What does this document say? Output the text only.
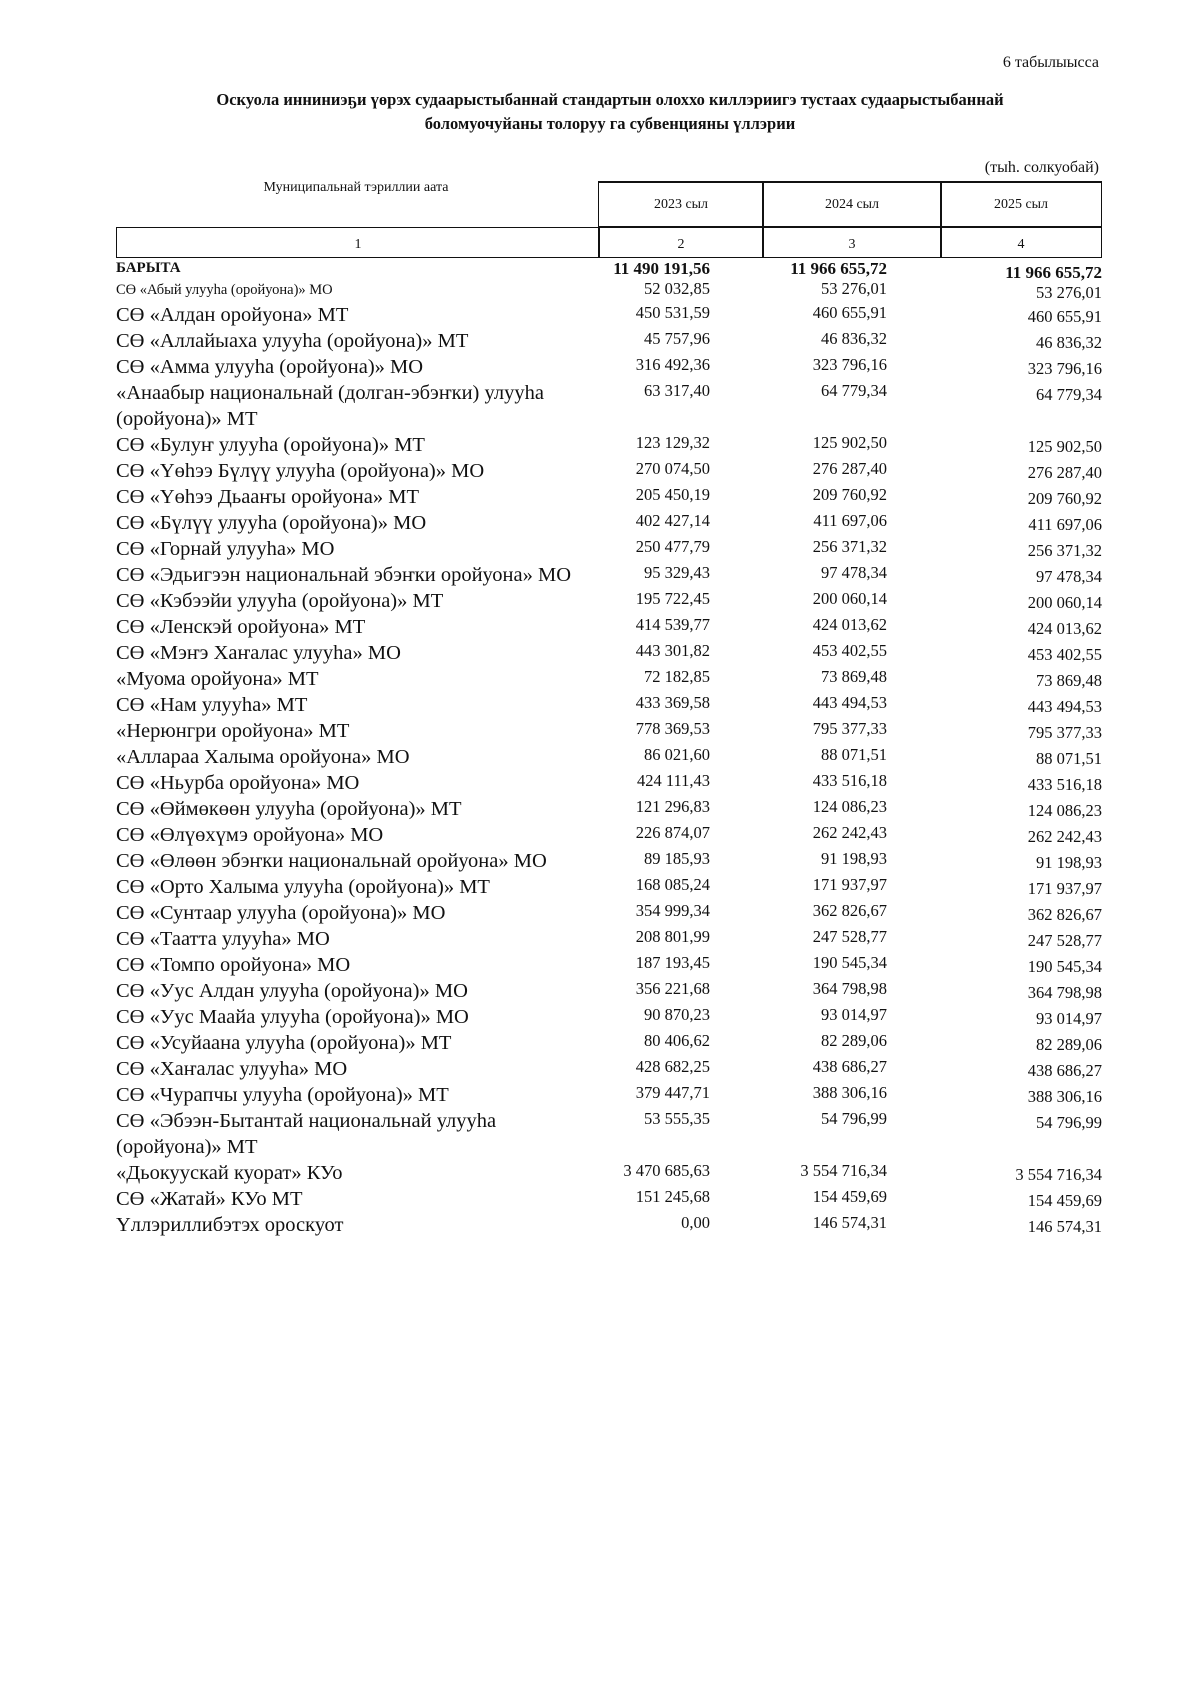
6 табылыысса
Оскуола инниниэҕи үөрэх судаарыстыбаннай стандартын олоххо киллэриигэ тустаах судаарыстыбаннай
боломуочуйаны толоруу га субвенцияны үллэрии
(тыһ. солкуобай)
Муниципальнай тэриллии аата
2023 сыл	2024 сыл	2025 сыл
1	2	3	4
БАРЫТА	11 490 191,56	11 966 655,72	11 966 655,72
СӨ «Абый улууһа (оройуона)» МО	52 032,85	53 276,01	53 276,01
СӨ «Алдан оройуона» МТ	450 531,59	460 655,91	460 655,91
СӨ «Аллайыаха улууһа (оройуона)» МТ	45 757,96	46 836,32	46 836,32
СӨ «Амма улууһа (оройуона)» МО	316 492,36	323 796,16	323 796,16
«Анаабыр национальнай (долган-эбэҥки) улууһа (оройуона)» МТ
63 317,40	64 779,34	64 779,34
СӨ «Булуҥ улууһа (оройуона)» МТ	123 129,32	125 902,50	125 902,50
СӨ «Үөһээ Бүлүү улууһа (оройуона)» МО	270 074,50	276 287,40	276 287,40
СӨ «Үөһээ Дьааҥы оройуона» МТ	205 450,19	209 760,92	209 760,92
СӨ «Бүлүү улууһа (оройуона)» МО	402 427,14	411 697,06	411 697,06
СӨ «Горнай улууһа» МО	250 477,79	256 371,32	256 371,32
СӨ «Эдьигээн национальнай эбэҥки оройуона» МО	95 329,43	97 478,34	97 478,34
СӨ «Кэбээйи улууһа (оройуона)» МТ	195 722,45	200 060,14	200 060,14
СӨ «Ленскэй оройуона» МТ	414 539,77	424 013,62	424 013,62
СӨ «Мэҥэ Хаҥалас улууһа» МО	443 301,82	453 402,55	453 402,55
«Муома оройуона» МТ	72 182,85	73 869,48	73 869,48
СӨ «Нам улууһа» МТ	433 369,58	443 494,53	443 494,53
«Нерюнгри оройуона» МТ	778 369,53	795 377,33	795 377,33
«Аллараа Халыма оройуона» МО	86 021,60	88 071,51	88 071,51
СӨ «Ньурба оройуона» МО	424 111,43	433 516,18	433 516,18
СӨ «Өймөкөөн улууһа (оройуона)» МТ	121 296,83	124 086,23	124 086,23
СӨ «Өлүөхүмэ оройуона» МО	226 874,07	262 242,43	262 242,43
СӨ «Өлөөн эбэҥки национальнай оройуона» МО	89 185,93	91 198,93	91 198,93
СӨ «Орто Халыма улууһа (оройуона)» МТ	168 085,24	171 937,97	171 937,97
СӨ «Сунтаар улууһа (оройуона)» МО	354 999,34	362 826,67	362 826,67
СӨ «Таатта улууһа» МО	208 801,99	247 528,77	247 528,77
СӨ «Томпо оройуона» МО	187 193,45	190 545,34	190 545,34
СӨ «Уус Алдан улууһа (оройуона)» МО	356 221,68	364 798,98	364 798,98
СӨ «Уус Маайа улууһа (оройуона)» МО	90 870,23	93 014,97	93 014,97
СӨ «Усуйаана улууһа (оройуона)» МТ	80 406,62	82 289,06	82 289,06
СӨ «Хаҥалас улууһа» МО	428 682,25	438 686,27	438 686,27
СӨ «Чурапчы улууһа (оройуона)» МТ	379 447,71	388 306,16	388 306,16
СӨ «Эбээн-Бытантай национальнай улууһа (оройуона)» МТ
53 555,35	54 796,99	54 796,99
«Дьокуускай куорат» КУо	3 470 685,63	3 554 716,34	3 554 716,34
СӨ «Жатай» КУо МТ	151 245,68	154 459,69	154 459,69
Үллэриллибэтэх ороскуот	0,00	146 574,31	146 574,31
